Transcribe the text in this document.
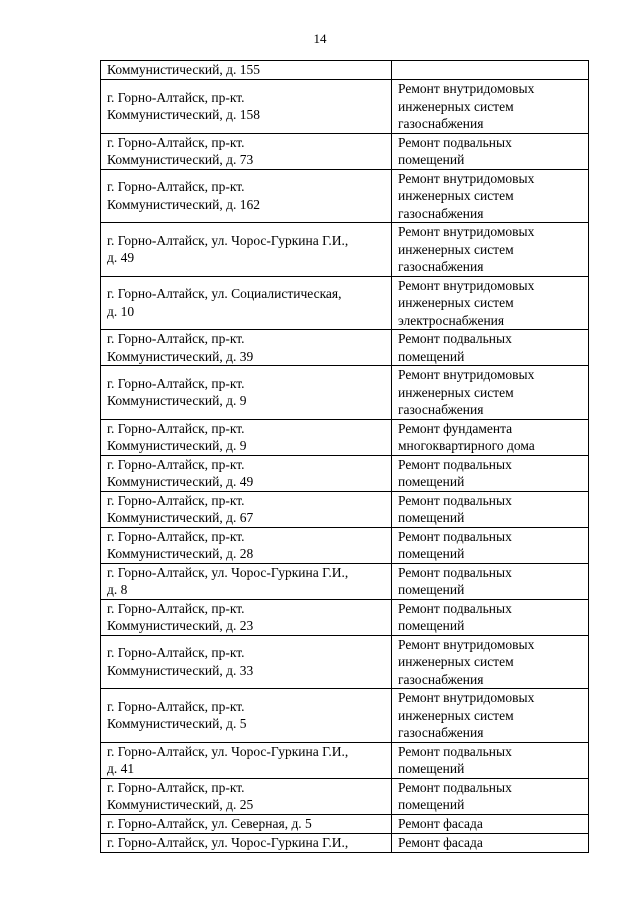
14
Коммунистический, д. 155	
г. Горно-Алтайск, пр-кт.
Коммунистический, д. 158	Ремонт внутридомовых
инженерных систем
газоснабжения
г. Горно-Алтайск, пр-кт.
Коммунистический, д. 73	Ремонт подвальных
помещений
г. Горно-Алтайск, пр-кт.
Коммунистический, д. 162	Ремонт внутридомовых
инженерных систем
газоснабжения
г. Горно-Алтайск, ул. Чорос-Гуркина Г.И.,
д. 49	Ремонт внутридомовых
инженерных систем
газоснабжения
г. Горно-Алтайск, ул. Социалистическая,
д. 10	Ремонт внутридомовых
инженерных систем
электроснабжения
г. Горно-Алтайск, пр-кт.
Коммунистический, д. 39	Ремонт подвальных
помещений
г. Горно-Алтайск, пр-кт.
Коммунистический, д. 9	Ремонт внутридомовых
инженерных систем
газоснабжения
г. Горно-Алтайск, пр-кт.
Коммунистический, д. 9	Ремонт фундамента
многоквартирного дома
г. Горно-Алтайск, пр-кт.
Коммунистический, д. 49	Ремонт подвальных
помещений
г. Горно-Алтайск, пр-кт.
Коммунистический, д. 67	Ремонт подвальных
помещений
г. Горно-Алтайск, пр-кт.
Коммунистический, д. 28	Ремонт подвальных
помещений
г. Горно-Алтайск, ул. Чорос-Гуркина Г.И.,
д. 8	Ремонт подвальных
помещений
г. Горно-Алтайск, пр-кт.
Коммунистический, д. 23	Ремонт подвальных
помещений
г. Горно-Алтайск, пр-кт.
Коммунистический, д. 33	Ремонт внутридомовых
инженерных систем
газоснабжения
г. Горно-Алтайск, пр-кт.
Коммунистический, д. 5	Ремонт внутридомовых
инженерных систем
газоснабжения
г. Горно-Алтайск, ул. Чорос-Гуркина Г.И.,
д. 41	Ремонт подвальных
помещений
г. Горно-Алтайск, пр-кт.
Коммунистический, д. 25	Ремонт подвальных
помещений
г. Горно-Алтайск, ул. Северная, д. 5	Ремонт фасада
г. Горно-Алтайск, ул. Чорос-Гуркина Г.И.,	Ремонт фасада
